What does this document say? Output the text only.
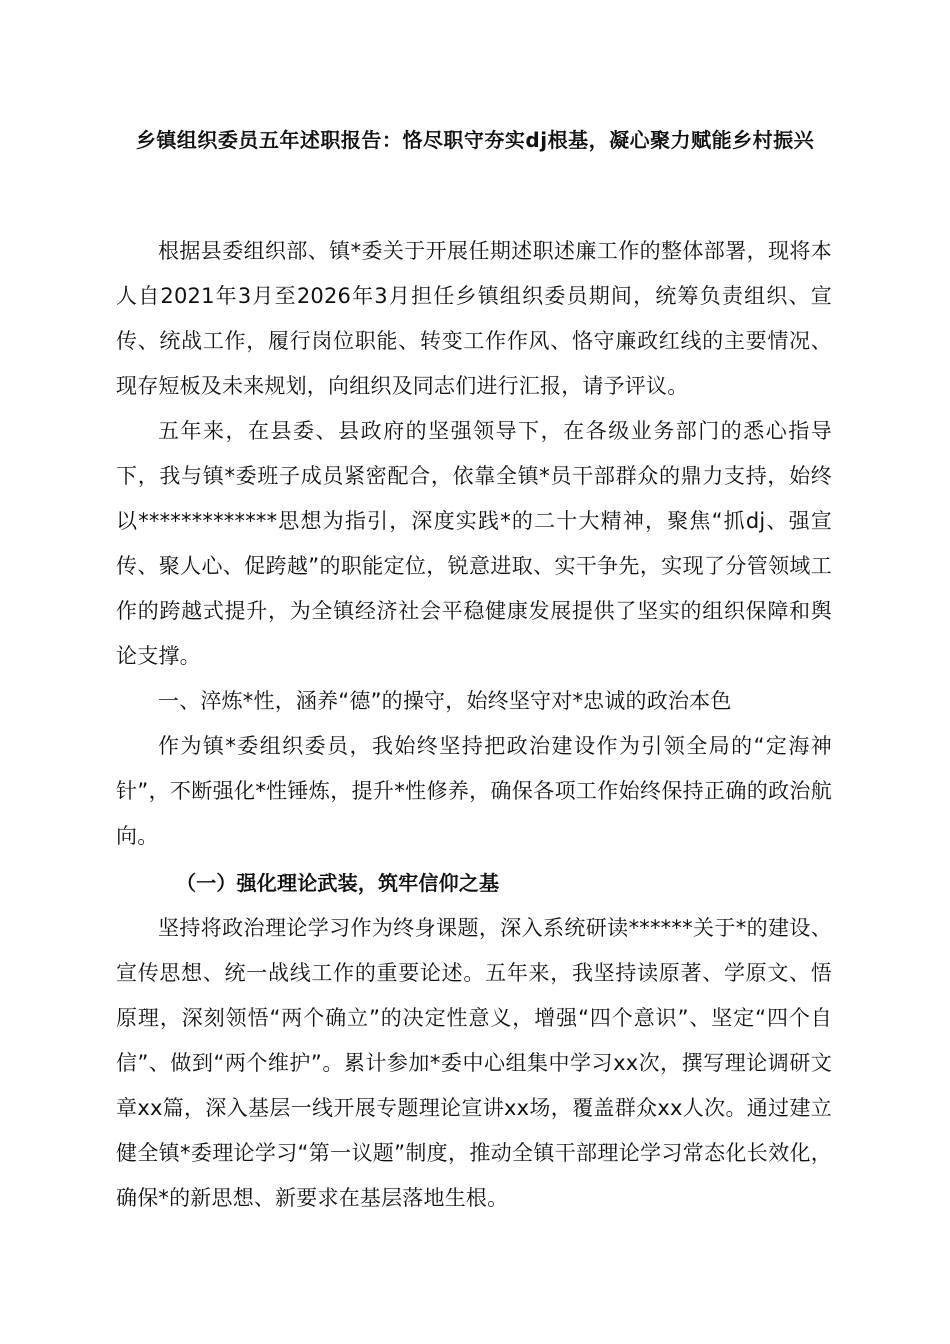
乡镇组织委员五年述职报告：恪尽职守夯实dj根基，凝心聚力赋能乡村振兴

根据县委组织部、镇*委关于开展任期述职述廉工作的整体部署，现将本人自2021年3月至2026年3月担任乡镇组织委员期间，统筹负责组织、宣传、统战工作，履行岗位职能、转变工作作风、恪守廉政红线的主要情况、现存短板及未来规划，向组织及同志们进行汇报，请予评议。

五年来，在县委、县政府的坚强领导下，在各级业务部门的悉心指导下，我与镇*委班子成员紧密配合，依靠全镇*员干部群众的鼎力支持，始终以*************思想为指引，深度实践*的二十大精神，聚焦“抓dj、强宣传、聚人心、促跨越”的职能定位，锐意进取、实干争先，实现了分管领域工作的跨越式提升，为全镇经济社会平稳健康发展提供了坚实的组织保障和舆论支撑。

一、淬炼*性，涵养“德”的操守，始终坚守对*忠诚的政治本色

作为镇*委组织委员，我始终坚持把政治建设作为引领全局的“定海神针”，不断强化*性锤炼，提升*性修养，确保各项工作始终保持正确的政治航向。

（一）强化理论武装，筑牢信仰之基

坚持将政治理论学习作为终身课题，深入系统研读******关于*的建设、宣传思想、统一战线工作的重要论述。五年来，我坚持读原著、学原文、悟原理，深刻领悟“两个确立”的决定性意义，增强“四个意识”、坚定“四个自信”、做到“两个维护”。累计参加*委中心组集中学习xx次，撰写理论调研文章xx篇，深入基层一线开展专题理论宣讲xx场，覆盖群众xx人次。通过建立健全镇*委理论学习“第一议题”制度，推动全镇干部理论学习常态化长效化，确保*的新思想、新要求在基层落地生根。
